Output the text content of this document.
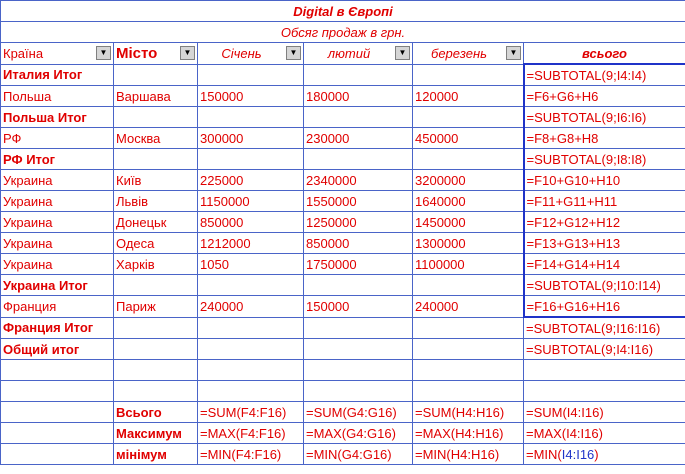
Digital в Європі					
Обсяг продаж в грн.					
Країна ▼	Місто ▼	Січень ▼	лютий ▼	березень ▼	всього
Италия Итог					=SUBTOTAL(9;I4:I4)
Польша	Варшава	150000	180000	120000	=F6+G6+H6
Польша Итог					=SUBTOTAL(9;I6:I6)
РФ	Москва	300000	230000	450000	=F8+G8+H8
РФ Итог					=SUBTOTAL(9;I8:I8)
Украина	Київ	225000	2340000	3200000	=F10+G10+H10
Украина	Львів	1150000	1550000	1640000	=F11+G11+H11
Украина	Донецьк	850000	1250000	1450000	=F12+G12+H12
Украина	Одеса	1212000	850000	1300000	=F13+G13+H13
Украина	Харків	1050	1750000	1100000	=F14+G14+H14
Украина Итог					=SUBTOTAL(9;I10:I14)
Франция	Париж	240000	150000	240000	=F16+G16+H16
Франция Итог					=SUBTOTAL(9;I16:I16)
Общий итог					=SUBTOTAL(9;I4:I16)

	Всього	=SUM(F4:F16)	=SUM(G4:G16)	=SUM(H4:H16)	=SUM(I4:I16)
	Максимум	=MAX(F4:F16)	=MAX(G4:G16)	=MAX(H4:H16)	=MAX(I4:I16)
	мінімум	=MIN(F4:F16)	=MIN(G4:G16)	=MIN(H4:H16)	=MIN(I4:I16)
